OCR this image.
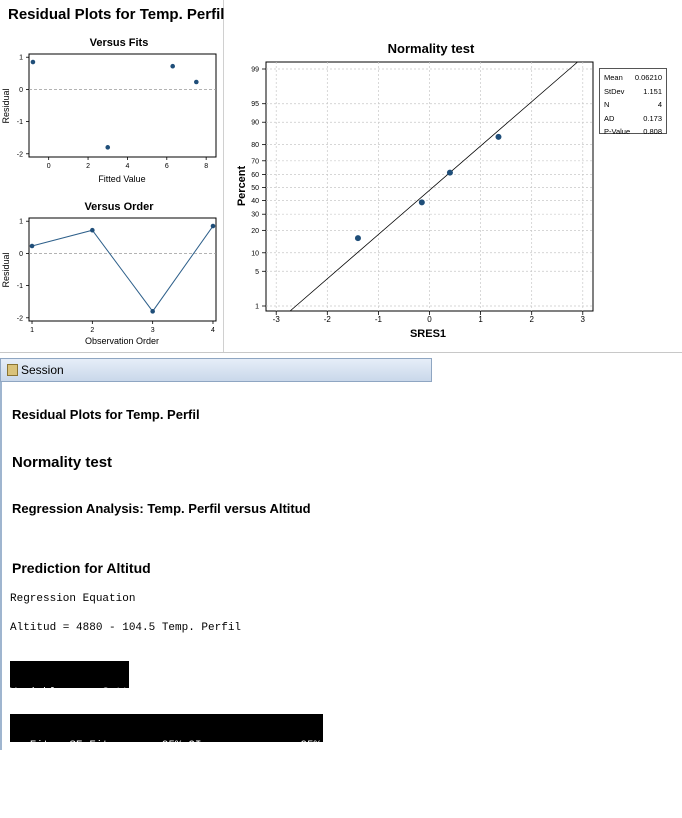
Residual Plots for Temp. Perfil
Versus Fits
0	2	4	6	8
1
0
-1
-2
Fitted Value
Residual
Versus Order
1	2	3	4
1
0
-1
-2
Observation Order
Residual
Normality test
-3	-2	-1	0	1	2	3
1
5
10
20
30
40
50
60
70
80
90
95
99
SRES1
Percent
Mean	0.06210
StDev	1.151
N	4
AD	0.173
P-Value	0.808
Session
Residual Plots for Temp. Perfil
Normality test
Regression Analysis: Temp. Perfil versus Altitud
Prediction for Altitud
Regression Equation
Altitud = 4880 - 104.5 Temp. Perfil

Variable      Setting

Fit   SE Fit        95% CI               95% PI

4879.83  124.113  (4345.81, 5413.84)  (3982.27, 5777.38)
